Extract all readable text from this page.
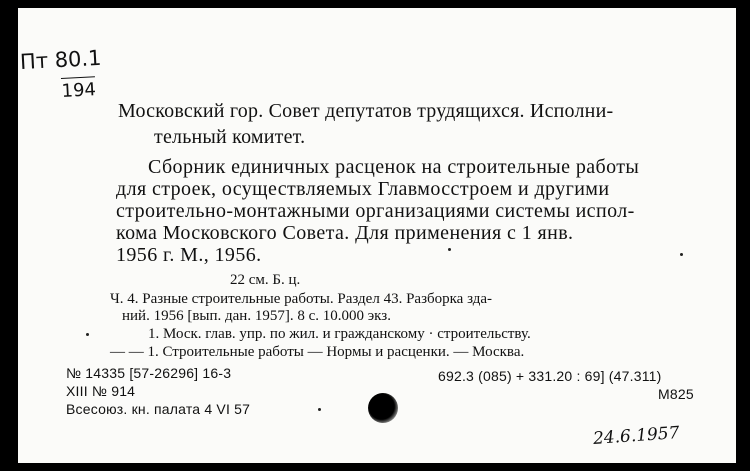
Пт 80.1
194
Московский гор. Совет депутатов трудящихся. Исполни-
тельный комитет.
Сборник единичных расценок на строительные работы
для строек, осуществляемых Главмосстроем и другими
строительно-монтажными организациями системы испол-
кома Московского Совета. Для применения с 1 янв.
1956 г. М., 1956.
22 см. Б. ц.
Ч. 4. Разные строительные работы. Раздел 43. Разборка зда-
ний. 1956 [вып. дан. 1957]. 8 с. 10.000 экз.
1. Моск. глав. упр. по жил. и гражданскому · строительству.
— — 1. Строительные работы — Нормы и расценки. — Москва.
№ 14335 [57-26296] 16-3
XIII № 914
Всесоюз. кн. палата 4 VI 57
692.3 (085) + 331.20 : 69] (47.311)
М825
24.6.1957
